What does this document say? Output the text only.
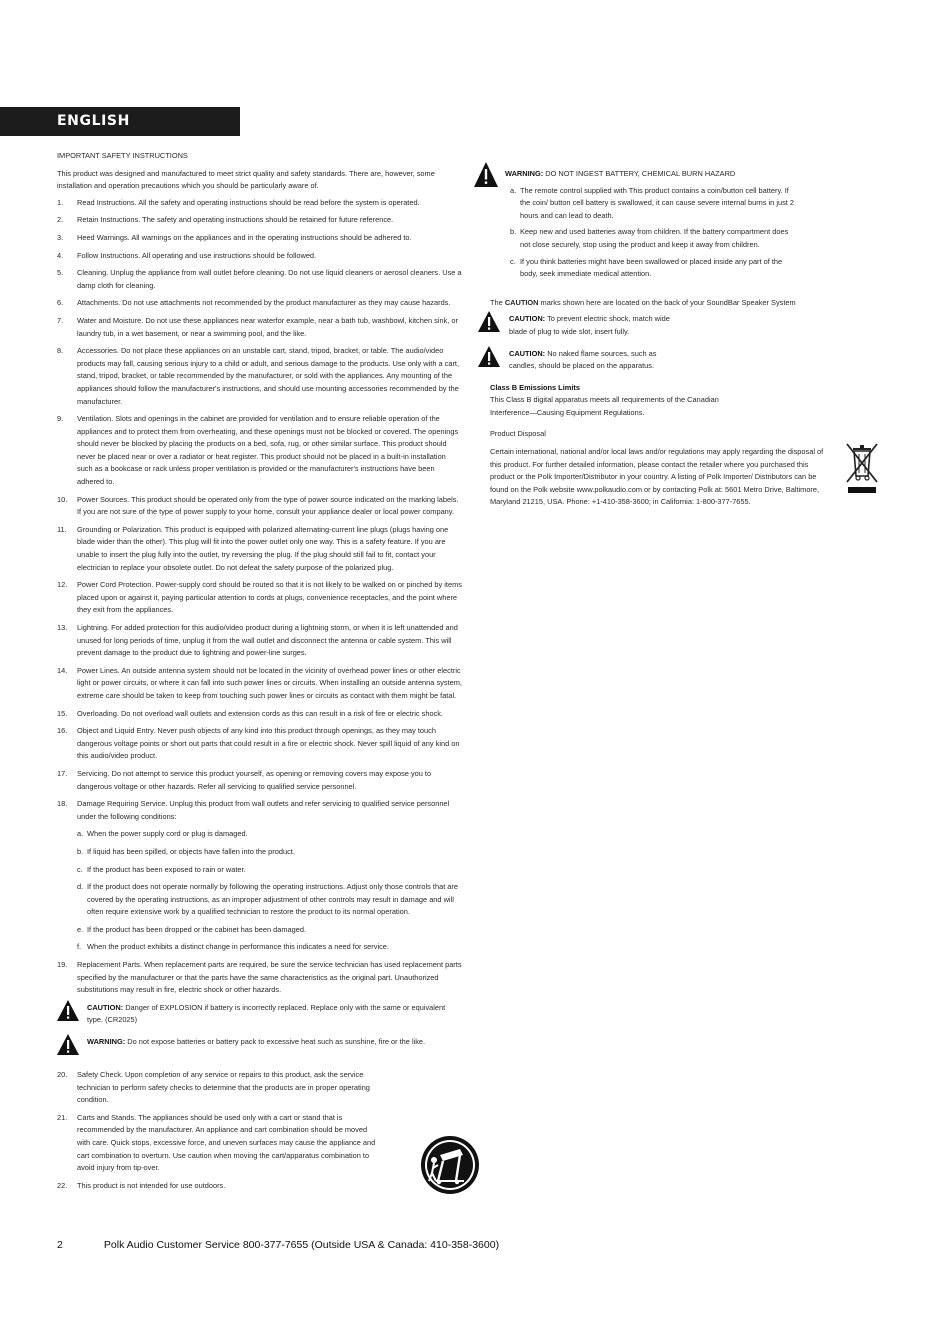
ENGLISH
IMPORTANT SAFETY INSTRUCTIONS
This product was designed and manufactured to meet strict quality and safety standards. There are, however, some installation and operation precautions which you should be particularly aware of.
1.	Read Instructions. All the safety and operating instructions should be read before the system is operated.
2.	Retain Instructions. The safety and operating instructions should be retained for future reference.
3.	Heed Warnings. All warnings on the appliances and in the operating instructions should be adhered to.
4.	Follow Instructions. All operating and use instructions should be followed.
5.	Cleaning. Unplug the appliance from wall outlet before cleaning. Do not use liquid cleaners or aerosol cleaners. Use a damp cloth for cleaning.
6.	Attachments. Do not use attachments not recommended by the product manufacturer as they may cause hazards.
7.	Water and Moisture. Do not use these appliances near waterfor example, near a bath tub, washbowl, kitchen sink, or laundry tub, in a wet basement, or near a swimming pool, and the like.
8.	Accessories. Do not place these appliances on an unstable cart, stand, tripod, bracket, or table. The audio/video products may fall, causing serious injury to a child or adult, and serious damage to the products. Use only with a cart, stand, tripod, bracket, or table recommended by the manufacturer, or sold with the appliances. Any mounting of the appliances should follow the manufacturer's instructions, and should use mounting accessories recommended by the manufacturer.
9.	Ventilation. Slots and openings in the cabinet are provided for ventilation and to ensure reliable operation of the appliances and to protect them from overheating, and these openings must not be blocked or covered. The openings should never be blocked by placing the products on a bed, sofa, rug, or other similar surface. This product should never be placed near or over a radiator or heat register. This product should not be placed in a built-in installation such as a bookcase or rack unless proper ventilation is provided or the manufacturer's instructions have been adhered to.
10.	Power Sources. This product should be operated only from the type of power source indicated on the marking labels. If you are not sure of the type of power supply to your home, consult your appliance dealer or local power company.
11.	Grounding or Polarization. This product is equipped with polarized alternating-current line plugs (plugs having one blade wider than the other). This plug will fit into the power outlet only one way. This is a safety feature. If you are unable to insert the plug fully into the outlet, try reversing the plug. If the plug should still fail to fit, contact your electrician to replace your obsolete outlet. Do not defeat the safety purpose of the polarized plug.
12.	Power Cord Protection. Power-supply cord should be routed so that it is not likely to be walked on or pinched by items placed upon or against it, paying particular attention to cords at plugs, convenience receptacles, and the point where they exit from the appliances.
13.	Lightning. For added protection for this audio/video product during a lightning storm, or when it is left unattended and unused for long periods of time, unplug it from the wall outlet and disconnect the antenna or cable system. This will prevent damage to the product due to lightning and power-line surges.
14.	Power Lines. An outside antenna system should not be located in the vicinity of overhead power lines or other electric light or power circuits, or where it can fall into such power lines or circuits. When installing an outside antenna system, extreme care should be taken to keep from touching such power lines or circuits as contact with them might be fatal.
15.	Overloading. Do not overload wall outlets and extension cords as this can result in a risk of fire or electric shock.
16.	Object and Liquid Entry. Never push objects of any kind into this product through openings, as they may touch dangerous voltage points or short out parts that could result in a fire or electric shock. Never spill liquid of any kind on this audio/video product.
17.	Servicing. Do not attempt to service this product yourself, as opening or removing covers may expose you to dangerous voltage or other hazards. Refer all servicing to qualified service personnel.
18.	Damage Requiring Service. Unplug this product from wall outlets and refer servicing to qualified service personnel under the following conditions:
a. When the power supply cord or plug is damaged.
b. If liquid has been spilled, or objects have fallen into the product.
c. If the product has been exposed to rain or water.
d. If the product does not operate normally by following the operating instructions. Adjust only those controls that are covered by the operating instructions, as an improper adjustment of other controls may result in damage and will often require extensive work by a qualified technician to restore the product to its normal operation.
e. If the product has been dropped or the cabinet has been damaged.
f. When the product exhibits a distinct change in performance this indicates a need for service.
19.	Replacement Parts. When replacement parts are required, be sure the service technician has used replacement parts specified by the manufacturer or that the parts have the same characteristics as the original part. Unauthorized substitutions may result in fire, electric shock or other hazards.
CAUTION: Danger of EXPLOSION if battery is incorrectly replaced. Replace only with the same or equivalent type. (CR2025)
WARNING: Do not expose batteries or battery pack to excessive heat such as sunshine, fire or the like.
20.	Safety Check. Upon completion of any service or repairs to this product, ask the service technician to perform safety checks to determine that the products are in proper operating condition.
21.	Carts and Stands. The appliances should be used only with a cart or stand that is recommended by the manufacturer. An appliance and cart combination should be moved with care. Quick stops, excessive force, and uneven surfaces may cause the appliance and cart combination to overturn. Use caution when moving the cart/apparatus combination to avoid injury from tip-over.
22.	This product is not intended for use outdoors.
WARNING: DO NOT INGEST BATTERY, CHEMICAL BURN HAZARD
a. The remote control supplied with This product contains a coin/button cell battery. If the coin/ button cell battery is swallowed, it can cause severe internal burns in just 2 hours and can lead to death.
b. Keep new and used batteries away from children. If the battery compartment does not close securely, stop using the product and keep it away from children.
c. If you think batteries might have been swallowed or placed inside any part of the body, seek immediate medical attention.
The CAUTION marks shown here are located on the back of your SoundBar Speaker System
CAUTION: To prevent electric shock, match wide blade of plug to wide slot, insert fully.
CAUTION: No naked flame sources, such as candles, should be placed on the apparatus.
Class B Emissions Limits
This Class B digital apparatus meets all requirements of the Canadian Interference—Causing Equipment Regulations.
Product Disposal
Certain international, national and/or local laws and/or regulations may apply regarding the disposal of this product. For further detailed information, please contact the retailer where you purchased this product or the Polk Importer/Distributor in your country. A listing of Polk Importer/ Distributors can be found on the Polk website www.polkaudio.com or by contacting Polk at: 5601 Metro Drive, Baltimore, Maryland 21215, USA. Phone: +1-410-358-3600; in California: 1-800-377-7655.
2	Polk Audio Customer Service 800-377-7655 (Outside USA & Canada: 410-358-3600)
